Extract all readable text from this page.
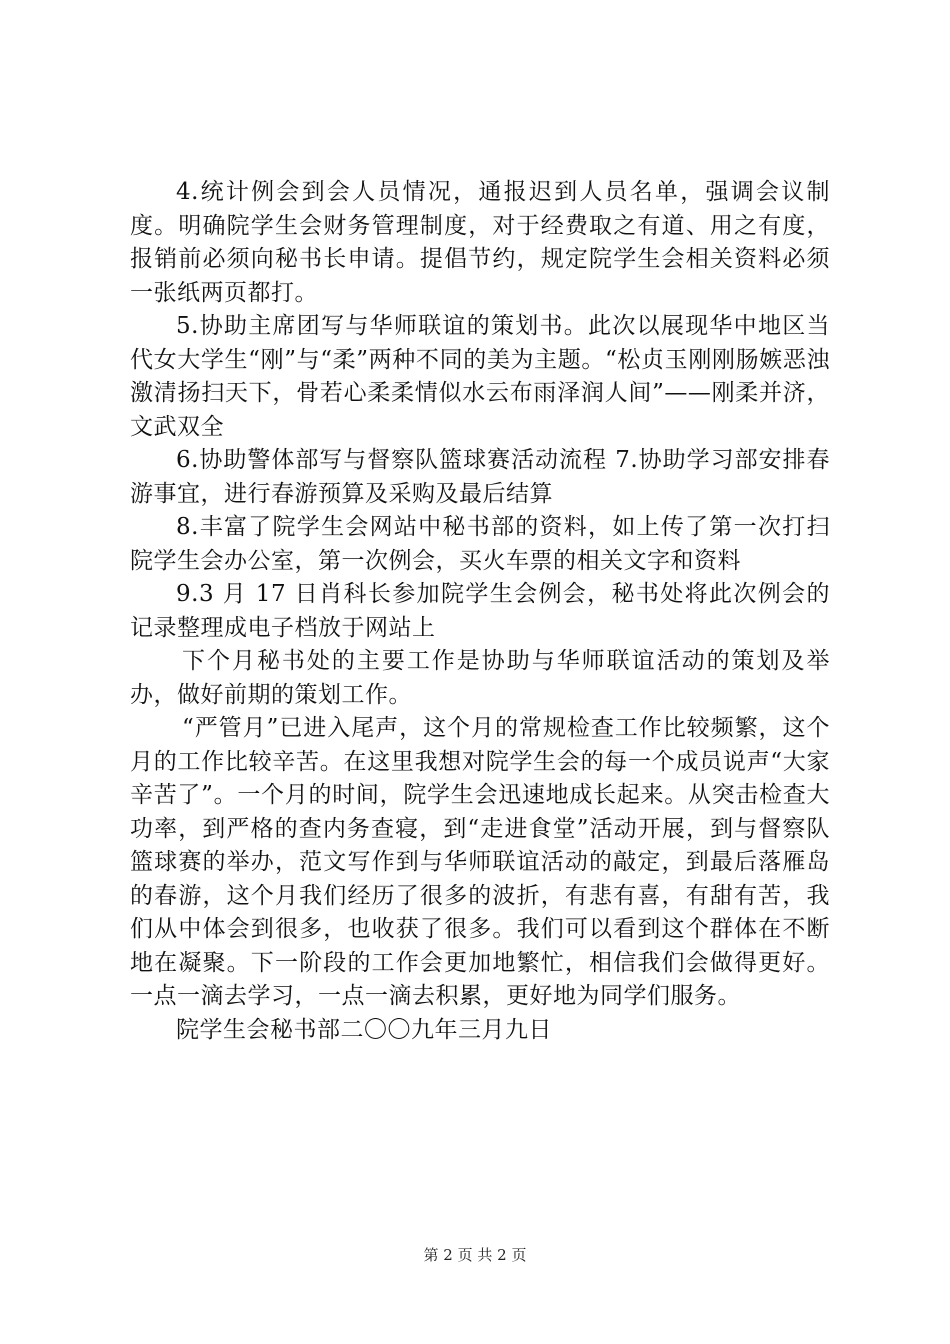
4.统计例会到会人员情况，通报迟到人员名单，强调会议制度。明确院学生会财务管理制度，对于经费取之有道、用之有度，报销前必须向秘书长申请。提倡节约，规定院学生会相关资料必须一张纸两页都打。

5.协助主席团写与华师联谊的策划书。此次以展现华中地区当代女大学生“刚”与“柔”两种不同的美为主题。“松贞玉刚刚肠嫉恶浊激清扬扫天下，骨若心柔柔情似水云布雨泽润人间”——刚柔并济，文武双全

6.协助警体部写与督察队篮球赛活动流程 7.协助学习部安排春游事宜，进行春游预算及采购及最后结算

8.丰富了院学生会网站中秘书部的资料，如上传了第一次打扫院学生会办公室，第一次例会，买火车票的相关文字和资料

9.3 月 17 日肖科长参加院学生会例会，秘书处将此次例会的记录整理成电子档放于网站上

下个月秘书处的主要工作是协助与华师联谊活动的策划及举办，做好前期的策划工作。

“严管月”已进入尾声，这个月的常规检查工作比较频繁，这个月的工作比较辛苦。在这里我想对院学生会的每一个成员说声“大家辛苦了”。一个月的时间，院学生会迅速地成长起来。从突击检查大功率，到严格的查内务查寝，到“走进食堂”活动开展，到与督察队篮球赛的举办，范文写作到与华师联谊活动的敲定，到最后落雁岛的春游，这个月我们经历了很多的波折，有悲有喜，有甜有苦，我们从中体会到很多，也收获了很多。我们可以看到这个群体在不断地在凝聚。下一阶段的工作会更加地繁忙，相信我们会做得更好。一点一滴去学习，一点一滴去积累，更好地为同学们服务。

院学生会秘书部二〇〇九年三月九日

第 2 页 共 2 页
